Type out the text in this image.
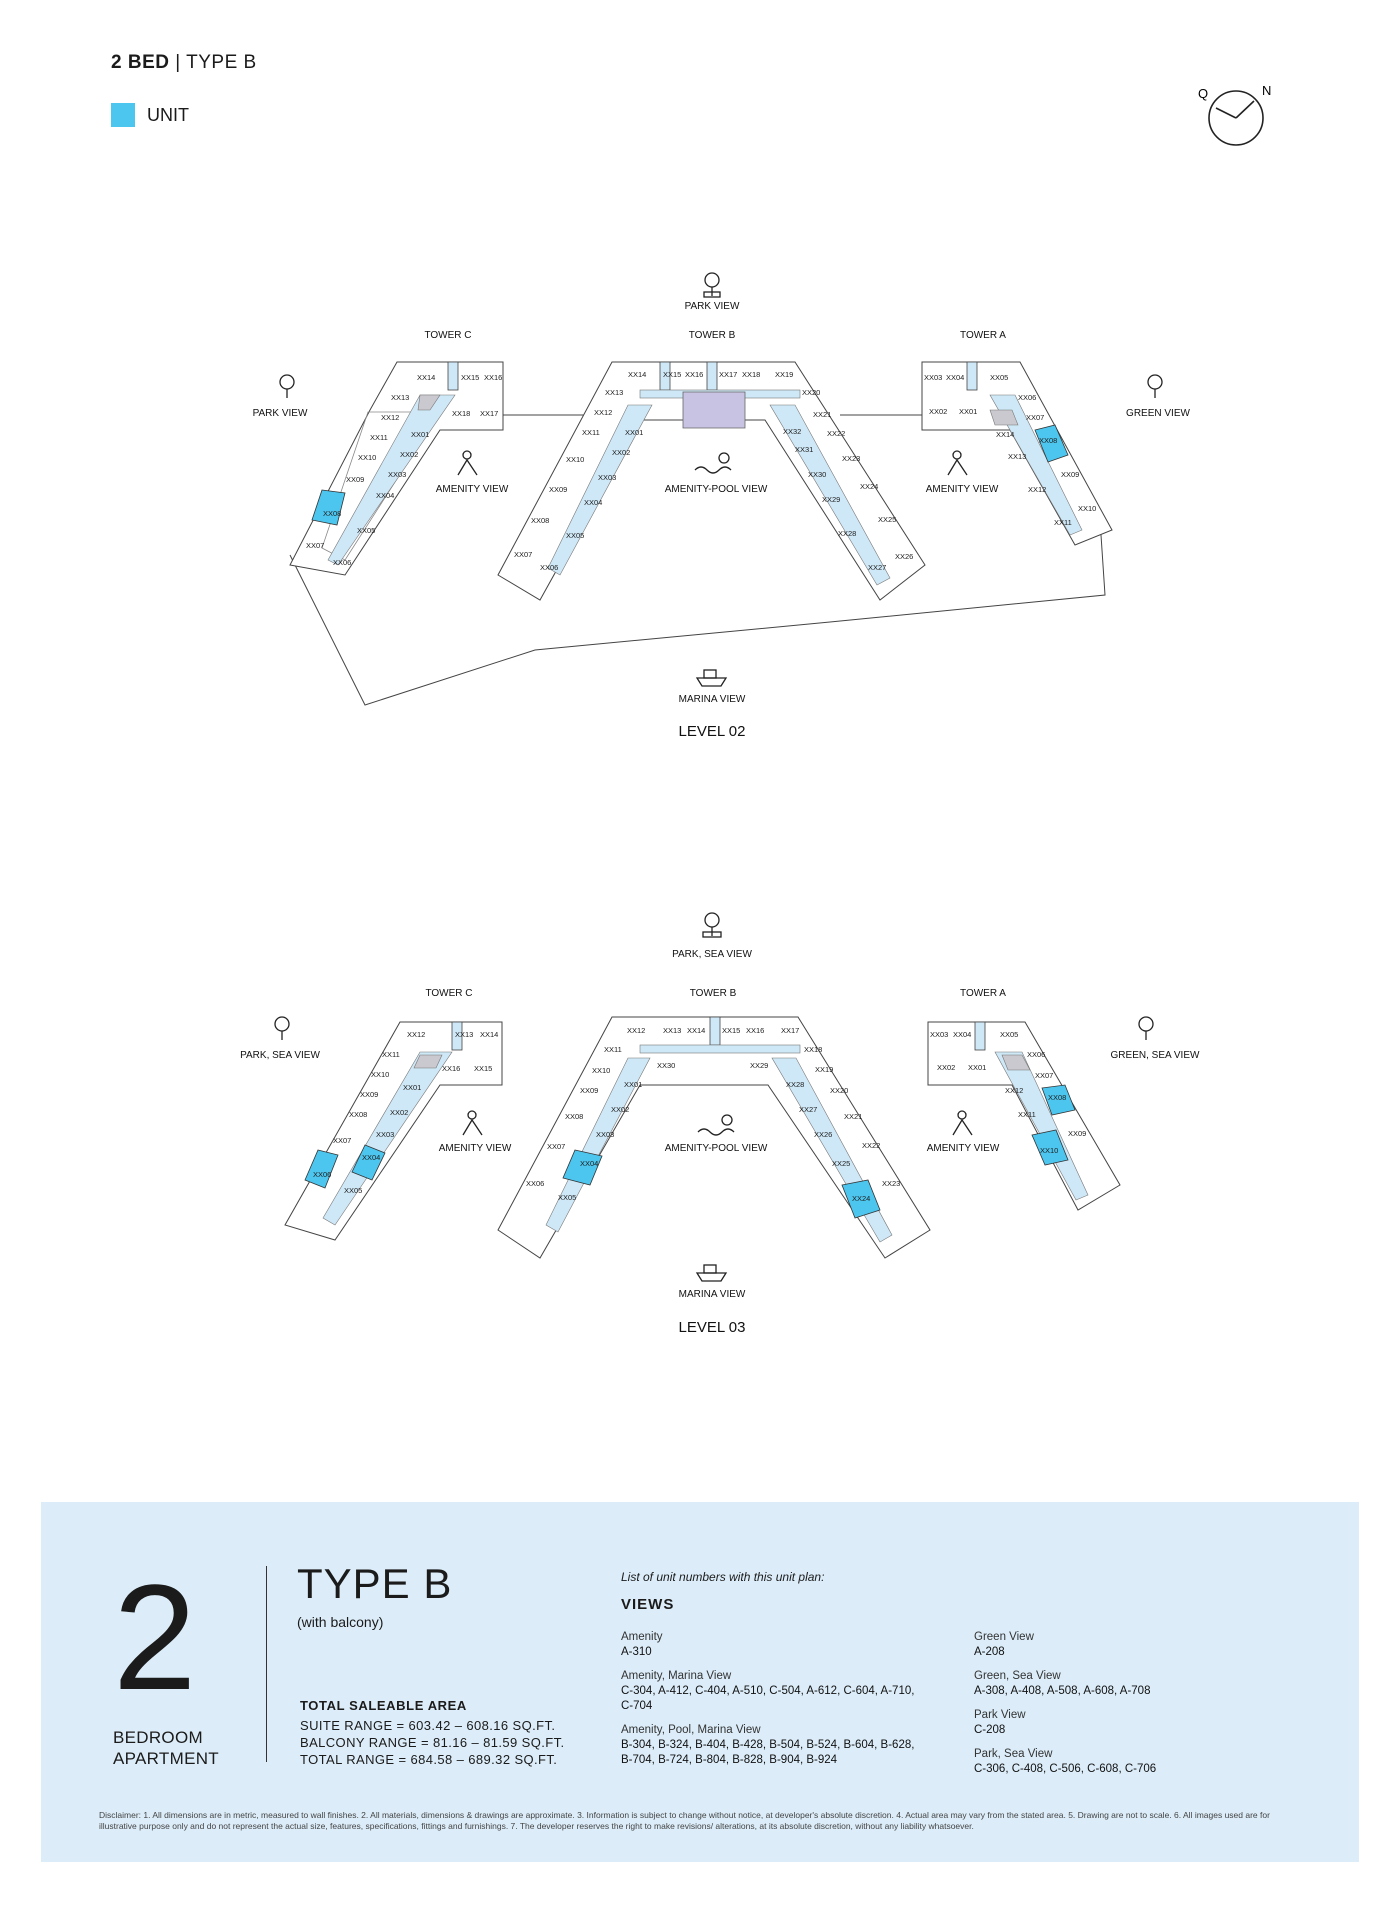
2 BED | TYPE B
UNIT
Q	N
XX14	XX15 XX16
XX18 XX17
XX13
XX12
XX11
XX10
XX09
XX08
XX07
XX01
XX02
XX03
XX04
XX05
XX06
XX14 XX15 XX16 XX17 XX18 XX19
XX13
XX12
XX11
XX10
XX09
XX08
XX07
XX01
XX02
XX03
XX04
XX05
XX06
XX20
XX21
XX22
XX23
XX24
XX25
XX26
XX32
XX31
XX30
XX29
XX28
XX27
XX03 XX04	XX05
XX02 XX01
XX06
XX08
XX09
XX10
XX07
XX14
XX13
XX12
XX11
PARK VIEW
PARK VIEW	GREEN VIEW
MARINA VIEW
AMENITY VIEW	AMENITY-POOL VIEW	AMENITY VIEW
TOWER C	TOWER B	TOWER A
LEVEL 02
XX12	XX13 XX14
XX16 XX15
XX11
XX10
XX09
XX08
XX07
XX06
XX01
XX02
XX03
XX04
XX05
XX12 XX13 XX14 XX15 XX16 XX17
XX11
XX10
XX09
XX08
XX07
XX06
XX30
XX01
XX02
XX03
XX04
XX05
XX18
XX19
XX20
XX21
XX22
XX23
XX29
XX28
XX27
XX26
XX25
XX24
XX03 XX04	XX05
XX02 XX01
XX06
XX08
XX09
XX07
XX12
XX11
XX10
PARK, SEA VIEW
PARK, SEA VIEW	GREEN, SEA VIEW
MARINA VIEW
AMENITY VIEW	AMENITY-POOL VIEW	AMENITY VIEW
TOWER C	TOWER B	TOWER A
LEVEL 03
2
BEDROOM
APARTMENT
TYPE B
(with balcony)
TOTAL SALEABLE AREA
SUITE RANGE = 603.42 – 608.16 SQ.FT.
BALCONY RANGE = 81.16 – 81.59 SQ.FT.
TOTAL RANGE = 684.58 – 689.32 SQ.FT.
List of unit numbers with this unit plan:
VIEWS
Amenity
A-310
Amenity, Marina View
C-304, A-412, C-404, A-510, C-504, A-612, C-604, A-710, C-704
Amenity, Pool, Marina View
B-304, B-324, B-404, B-428, B-504, B-524, B-604, B-628, B-704, B-724, B-804, B-828, B-904, B-924
Green View
A-208
Green, Sea View
A-308, A-408, A-508, A-608, A-708
Park View
C-208
Park, Sea View
C-306, C-408, C-506, C-608, C-706
Disclaimer: 1. All dimensions are in metric, measured to wall finishes. 2. All materials, dimensions & drawings are approximate. 3. Information is subject to change without notice, at developer's absolute discretion. 4. Actual area may vary from the stated area. 5. Drawing are not to scale. 6. All images used are for illustrative purpose only and do not represent the actual size, features, specifications, fittings and furnishings. 7. The developer reserves the right to make revisions/ alterations, at its absolute discretion, without any liability whatsoever.
